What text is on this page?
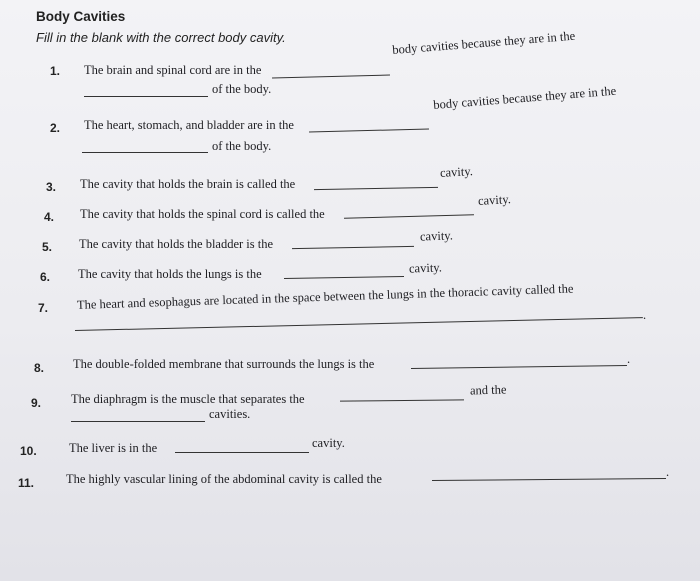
Body Cavities
Fill in the blank with the correct body cavity.
1. The brain and spinal cord are in the
body cavities because they are in the
of the body.
2. The heart, stomach, and bladder are in the
body cavities because they are in the
of the body.
3. The cavity that holds the brain is called the
cavity.
4. The cavity that holds the spinal cord is called the
cavity.
5. The cavity that holds the bladder is the
cavity.
6. The cavity that holds the lungs is the	cavity.
7. The heart and esophagus are located in the space between the lungs in the thoracic cavity called the
.
8. The double-folded membrane that surrounds the lungs is the	.
9. The diaphragm is the muscle that separates the
and the
cavities.
10.	The liver is in the	cavity.
11.	The highly vascular lining of the abdominal cavity is called the	.
